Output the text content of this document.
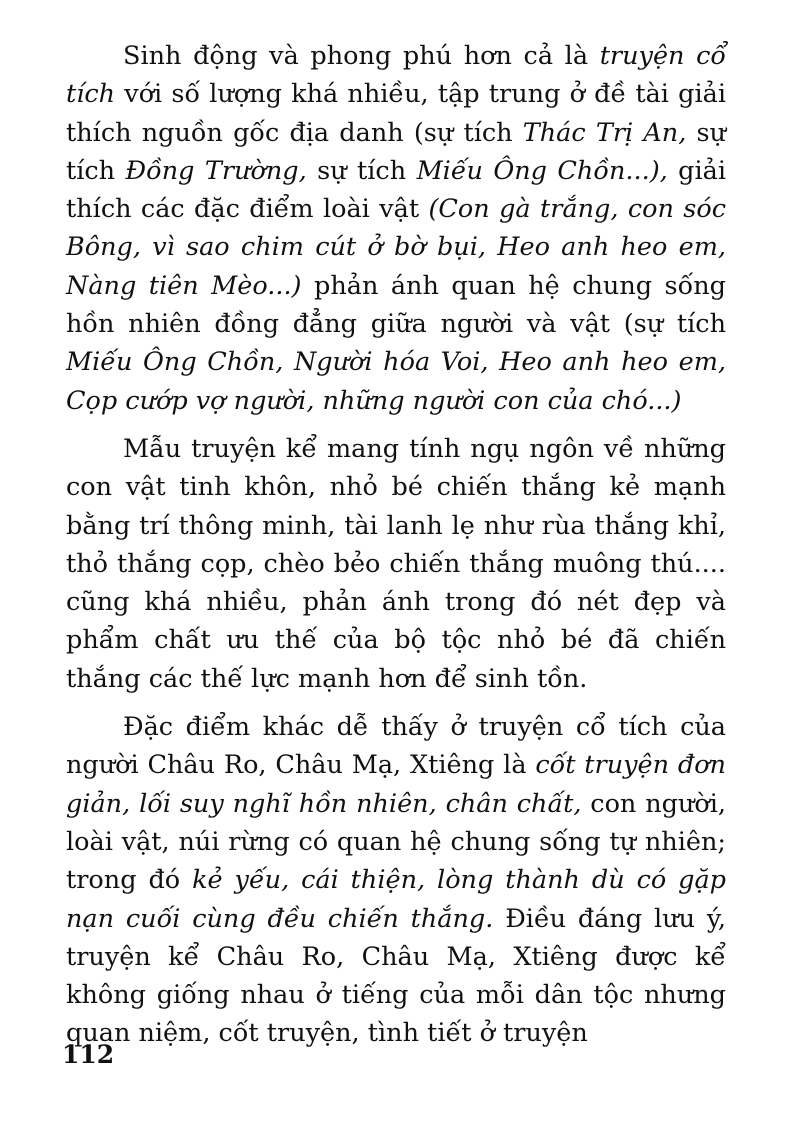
Sinh động và phong phú hơn cả là truyện cổ tích với số lượng khá nhiều, tập trung ở đề tài giải thích nguồn gốc địa danh (sự tích Thác Trị An, sự tích Đồng Trường, sự tích Miếu Ông Chồn...), giải thích các đặc điểm loài vật (Con gà trắng, con sóc Bông, vì sao chim cút ở bờ bụi, Heo anh heo em, Nàng tiên Mèo...) phản ánh quan hệ chung sống hồn nhiên đồng đẳng giữa người và vật (sự tích Miếu Ông Chồn, Người hóa Voi, Heo anh heo em, Cọp cướp vợ người, những người con của chó...)

Mẫu truyện kể mang tính ngụ ngôn về những con vật tinh khôn, nhỏ bé chiến thắng kẻ mạnh bằng trí thông minh, tài lanh lẹ như rùa thắng khỉ, thỏ thắng cọp, chèo bẻo chiến thắng muông thú.... cũng khá nhiều, phản ánh trong đó nét đẹp và phẩm chất ưu thế của bộ tộc nhỏ bé đã chiến thắng các thế lực mạnh hơn để sinh tồn.

Đặc điểm khác dễ thấy ở truyện cổ tích của người Châu Ro, Châu Mạ, Xtiêng là cốt truyện đơn giản, lối suy nghĩ hồn nhiên, chân chất, con người, loài vật, núi rừng có quan hệ chung sống tự nhiên; trong đó kẻ yếu, cái thiện, lòng thành dù có gặp nạn cuối cùng đều chiến thắng. Điều đáng lưu ý, truyện kể Châu Ro, Châu Mạ, Xtiêng được kể không giống nhau ở tiếng của mỗi dân tộc nhưng quan niệm, cốt truyện, tình tiết ở truyện

112
